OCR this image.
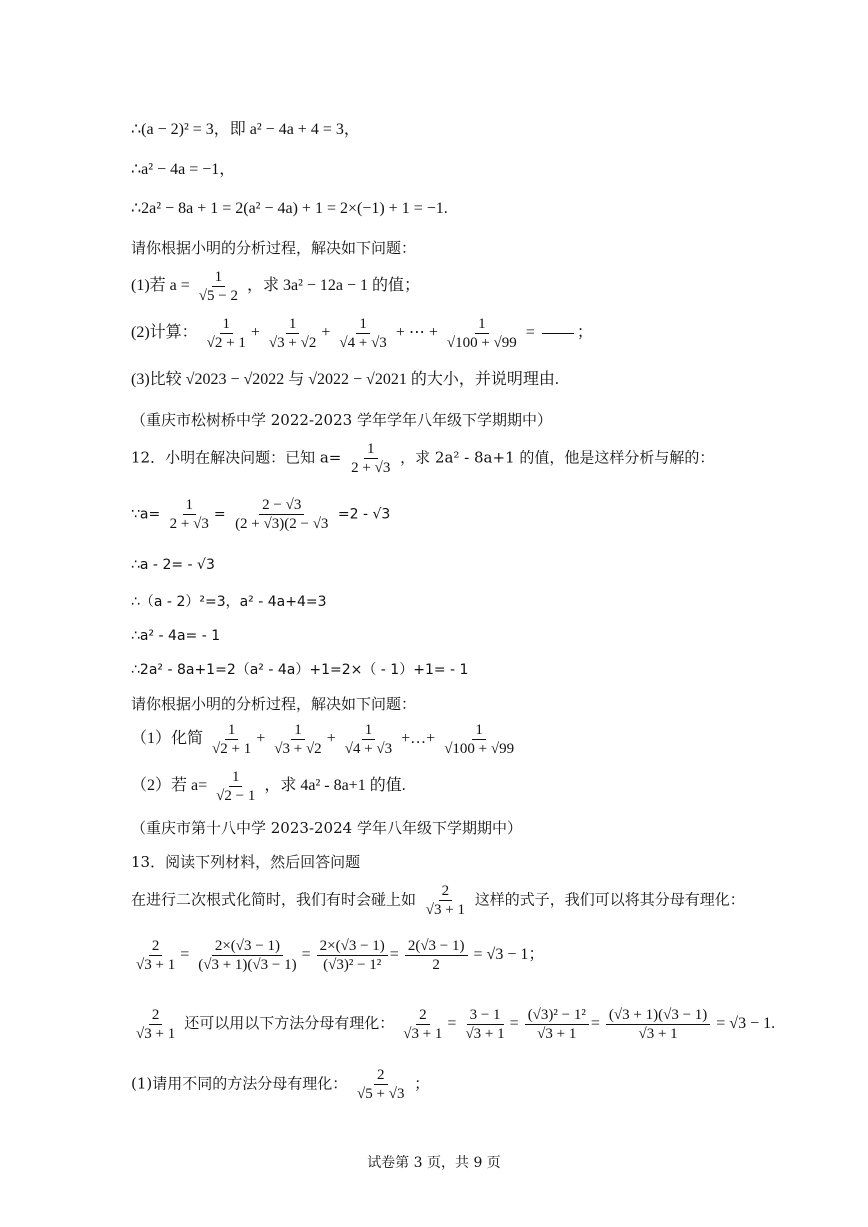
∴(a − 2)² = 3，即 a² − 4a + 4 = 3，
∴a² − 4a = −1，
∴2a² − 8a + 1 = 2(a² − 4a) + 1 = 2×(−1) + 1 = −1.
请你根据小明的分析过程，解决如下问题：
(1)若 $a = \frac{1}{√5 - 2}$ ，求 3a² − 12a − 1 的值；
(2)计算： $\frac{1}{√2 + 1} + \frac{1}{√3 + √2} + \frac{1}{√4 + √3}$ + ⋯ + $\frac{1}{√100 + √99}$ = ；
(3)比较 √2023 − √2022 与 √2022 − √2021 的大小，并说明理由.
（重庆市松树桥中学 2022-2023 学年学年八年级下学期期中）
12．小明在解决问题：已知 $a= \frac{1}{2 + √3}$ ，求 2a² ‑ 8a+1 的值，他是这样分析与解的：
∵a= $\frac{1}{2 + √3} = \frac{2 - √3}{(2 + √3)(2 - √3} =2$ ‑ √3
∴a ‑ 2= ‑ √3
∴（a ‑ 2）²=3，a² ‑ 4a+4=3
∴a² ‑ 4a= ‑ 1
∴2a² ‑ 8a+1=2（a² ‑ 4a）+1=2×（ ‑ 1）+1= ‑ 1
请你根据小明的分析过程，解决如下问题：
（1）化简 $\frac{1}{√2 + 1} + \frac{1}{√3 + √2} + \frac{1}{√4 + √3}$ +…+ $\frac{1}{√100 + √99}$
（2）若 $a= \frac{1}{√2 - 1}$ ，求 4a² ‑ 8a+1 的值.
（重庆市第十八中学 2023-2024 学年八年级下学期期中）
13．阅读下列材料，然后回答问题
在进行二次根式化简时，我们有时会碰上如 $\frac{2}{√3 + 1}$ 这样的式子，我们可以将其分母有理化：
$\frac{2}{√3 + 1} = \frac{2\times(√3 - 1)}{(√3 + 1)(√3 - 1)} = \frac{2\times(√3 - 1)}{\text{(√3)² − 1²}} = \frac{2(√3 - 1)}{2} = √3 - 1$；
$\frac{2}{√3 + 1}$ 还可以用以下方法分母有理化： $\frac{2}{√3 + 1} = \frac{3 - 1}{√3 + 1} = \frac{\text{(√3)² − 1²}}{√3 + 1} = \frac{(√3 + 1)(√3 - 1)}{√3 + 1} = √3 - 1$.
(1)请用不同的方法分母有理化： $\frac{2}{√5 + √3}$ ；
试卷第 3 页，共 9 页
